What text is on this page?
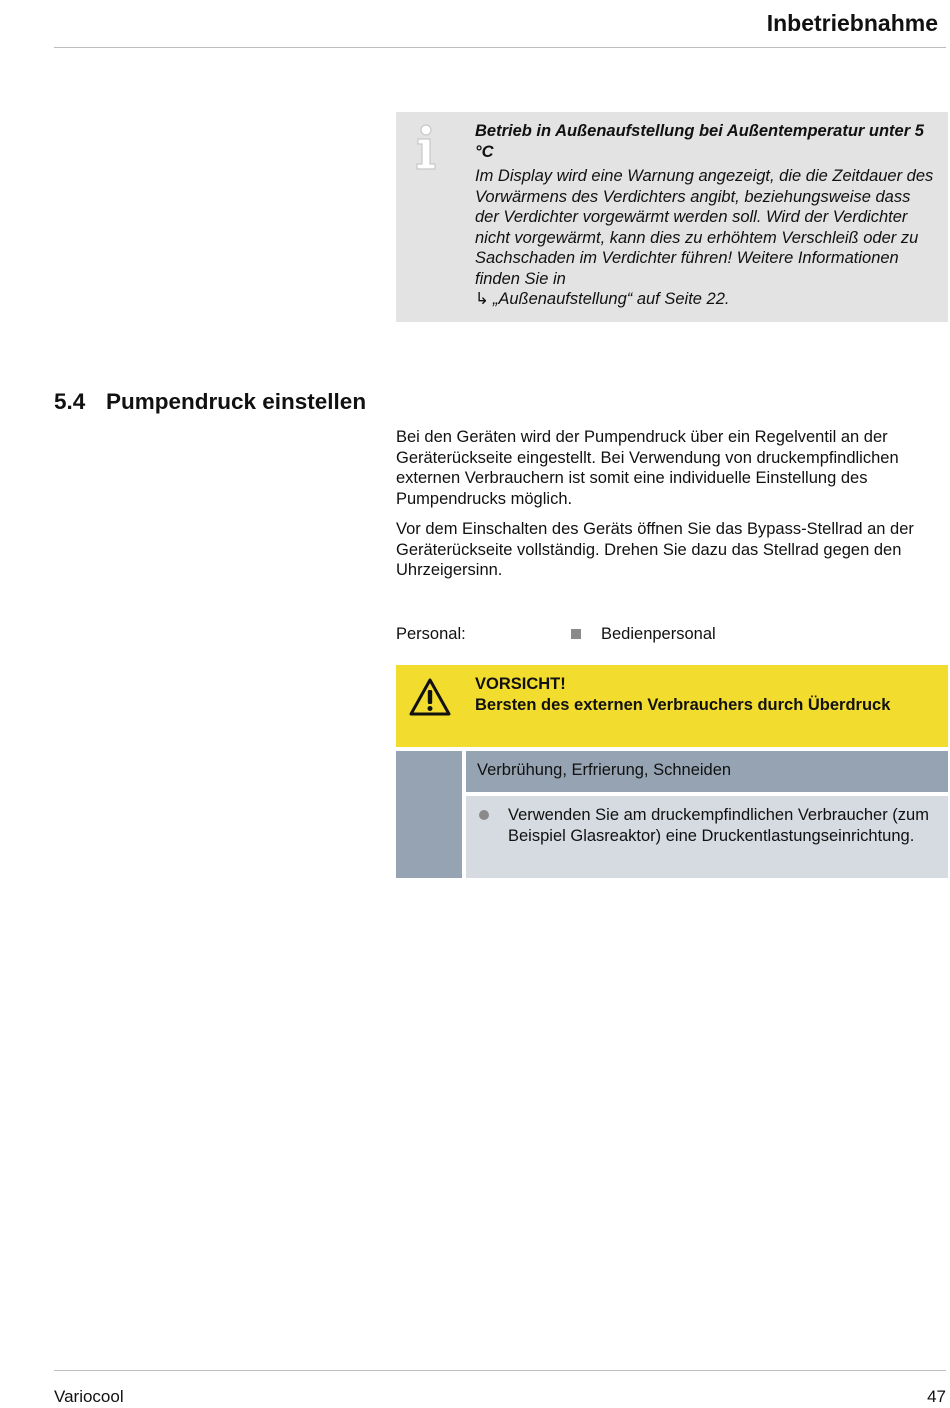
Inbetriebnahme
Betrieb in Außenaufstellung bei Außentemperatur unter 5 °C
Im Display wird eine Warnung angezeigt, die die Zeitdauer des Vorwärmens des Verdichters angibt, beziehungsweise dass der Verdichter vorgewärmt werden soll. Wird der Verdichter nicht vorgewärmt, kann dies zu erhöhtem Verschleiß oder zu Sachschaden im Verdichter führen! Weitere Informationen finden Sie in
↳ „Außenaufstellung“ auf Seite 22.
5.4 Pumpendruck einstellen
Bei den Geräten wird der Pumpendruck über ein Regelventil an der Geräterückseite eingestellt. Bei Verwendung von druckempfindlichen externen Verbrauchern ist somit eine individuelle Einstellung des Pumpendrucks möglich.
Vor dem Einschalten des Geräts öffnen Sie das Bypass-Stellrad an der Geräterückseite vollständig. Drehen Sie dazu das Stellrad gegen den Uhrzeigersinn.
Personal:	Bedienpersonal
VORSICHT!
Bersten des externen Verbrauchers durch Überdruck
Verbrühung, Erfrierung, Schneiden
Verwenden Sie am druckempfindlichen Verbraucher (zum Beispiel Glasreaktor) eine Druckentlastungseinrichtung.
Variocool	47
